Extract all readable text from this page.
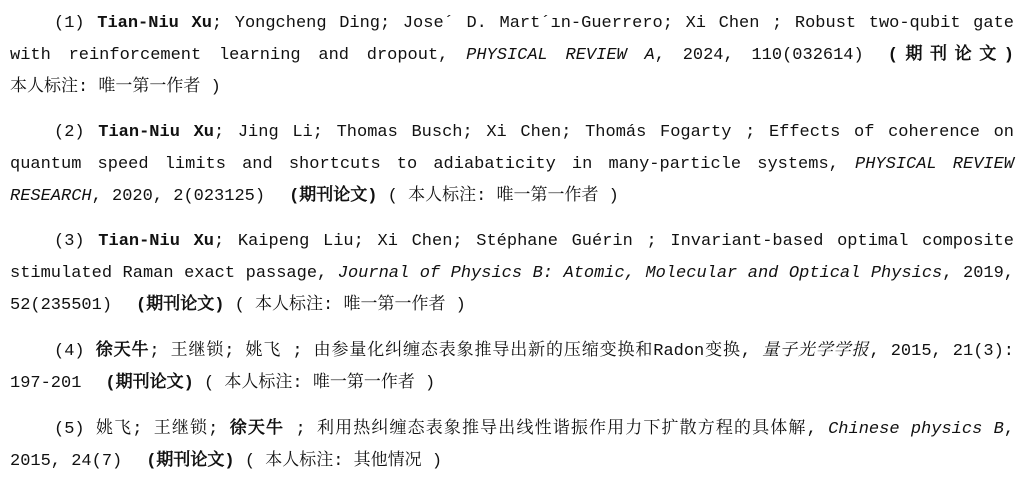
(1) Tian-Niu Xu; Yongcheng Ding; Jose´ D. Mart´ın-Guerrero; Xi Chen ; Robust two-qubit gate with reinforcement learning and dropout, PHYSICAL REVIEW A, 2024, 110(032614) (期刊论文) 本人标注: 唯一第一作者 )
(2) Tian-Niu Xu; Jing Li; Thomas Busch; Xi Chen; Thomás Fogarty ; Effects of coherence on quantum speed limits and shortcuts to adiabaticity in many-particle systems, PHYSICAL REVIEW RESEARCH, 2020, 2(023125) (期刊论文) ( 本人标注: 唯一第一作者 )
(3) Tian-Niu Xu; Kaipeng Liu; Xi Chen; Stéphane Guérin ; Invariant-based optimal composite stimulated Raman exact passage, Journal of Physics B: Atomic, Molecular and Optical Physics, 2019, 52(235501) (期刊论文) ( 本人标注: 唯一第一作者 )
(4) 徐天牛; 王继锁; 姚飞 ; 由参量化纠缠态表象推导出新的压缩变换和Radon变换, 量子光学学报, 2015, 21(3): 197-201 (期刊论文) ( 本人标注: 唯一第一作者 )
(5) 姚飞; 王继锁; 徐天牛 ; 利用热纠缠态表象推导出线性谐振作用力下扩散方程的具体解, Chinese physics B, 2015, 24(7) (期刊论文) ( 本人标注: 其他情况 )
